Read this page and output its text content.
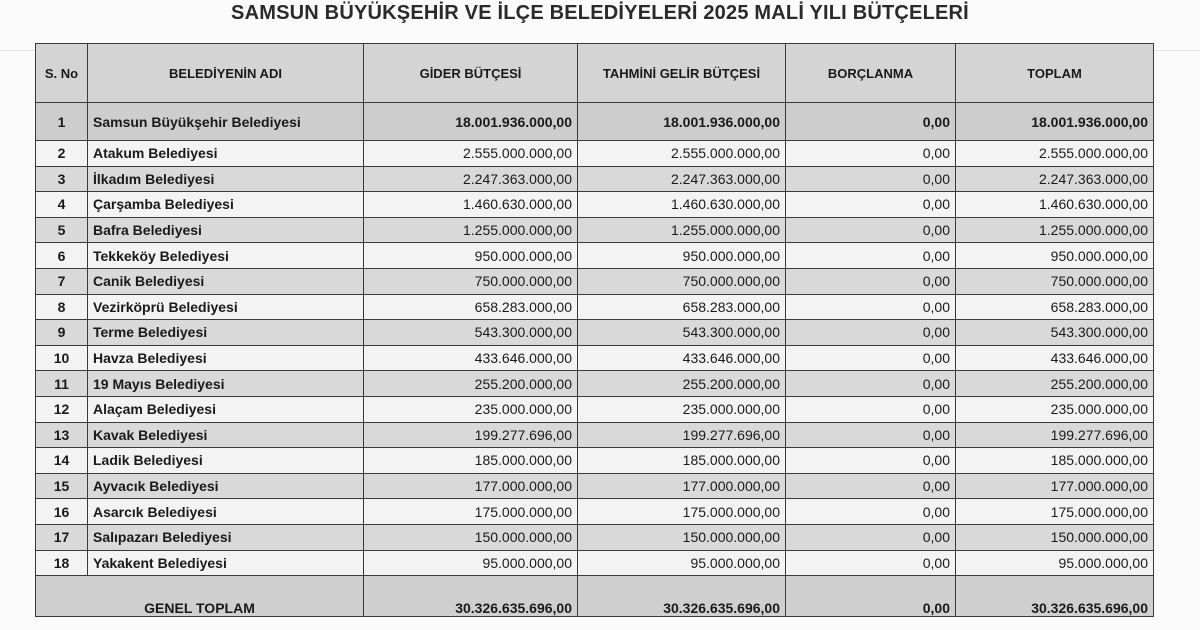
SAMSUN BÜYÜKŞEHİR VE İLÇE BELEDİYELERİ 2025 MALİ YILI BÜTÇELERİ
S. No	BELEDİYENİN ADI	GİDER BÜTÇESİ	TAHMİNİ GELİR BÜTÇESİ	BORÇLANMA	TOPLAM
1	Samsun Büyükşehir Belediyesi	18.001.936.000,00	18.001.936.000,00	0,00	18.001.936.000,00
2	Atakum Belediyesi	2.555.000.000,00	2.555.000.000,00	0,00	2.555.000.000,00
3	İlkadım Belediyesi	2.247.363.000,00	2.247.363.000,00	0,00	2.247.363.000,00
4	Çarşamba Belediyesi	1.460.630.000,00	1.460.630.000,00	0,00	1.460.630.000,00
5	Bafra Belediyesi	1.255.000.000,00	1.255.000.000,00	0,00	1.255.000.000,00
6	Tekkeköy Belediyesi	950.000.000,00	950.000.000,00	0,00	950.000.000,00
7	Canik Belediyesi	750.000.000,00	750.000.000,00	0,00	750.000.000,00
8	Vezirköprü Belediyesi	658.283.000,00	658.283.000,00	0,00	658.283.000,00
9	Terme Belediyesi	543.300.000,00	543.300.000,00	0,00	543.300.000,00
10	Havza Belediyesi	433.646.000,00	433.646.000,00	0,00	433.646.000,00
11	19 Mayıs Belediyesi	255.200.000,00	255.200.000,00	0,00	255.200.000,00
12	Alaçam Belediyesi	235.000.000,00	235.000.000,00	0,00	235.000.000,00
13	Kavak Belediyesi	199.277.696,00	199.277.696,00	0,00	199.277.696,00
14	Ladik Belediyesi	185.000.000,00	185.000.000,00	0,00	185.000.000,00
15	Ayvacık Belediyesi	177.000.000,00	177.000.000,00	0,00	177.000.000,00
16	Asarcık Belediyesi	175.000.000,00	175.000.000,00	0,00	175.000.000,00
17	Salıpazarı Belediyesi	150.000.000,00	150.000.000,00	0,00	150.000.000,00
18	Yakakent Belediyesi	95.000.000,00	95.000.000,00	0,00	95.000.000,00
GENEL TOPLAM		30.326.635.696,00	30.326.635.696,00	0,00	30.326.635.696,00
